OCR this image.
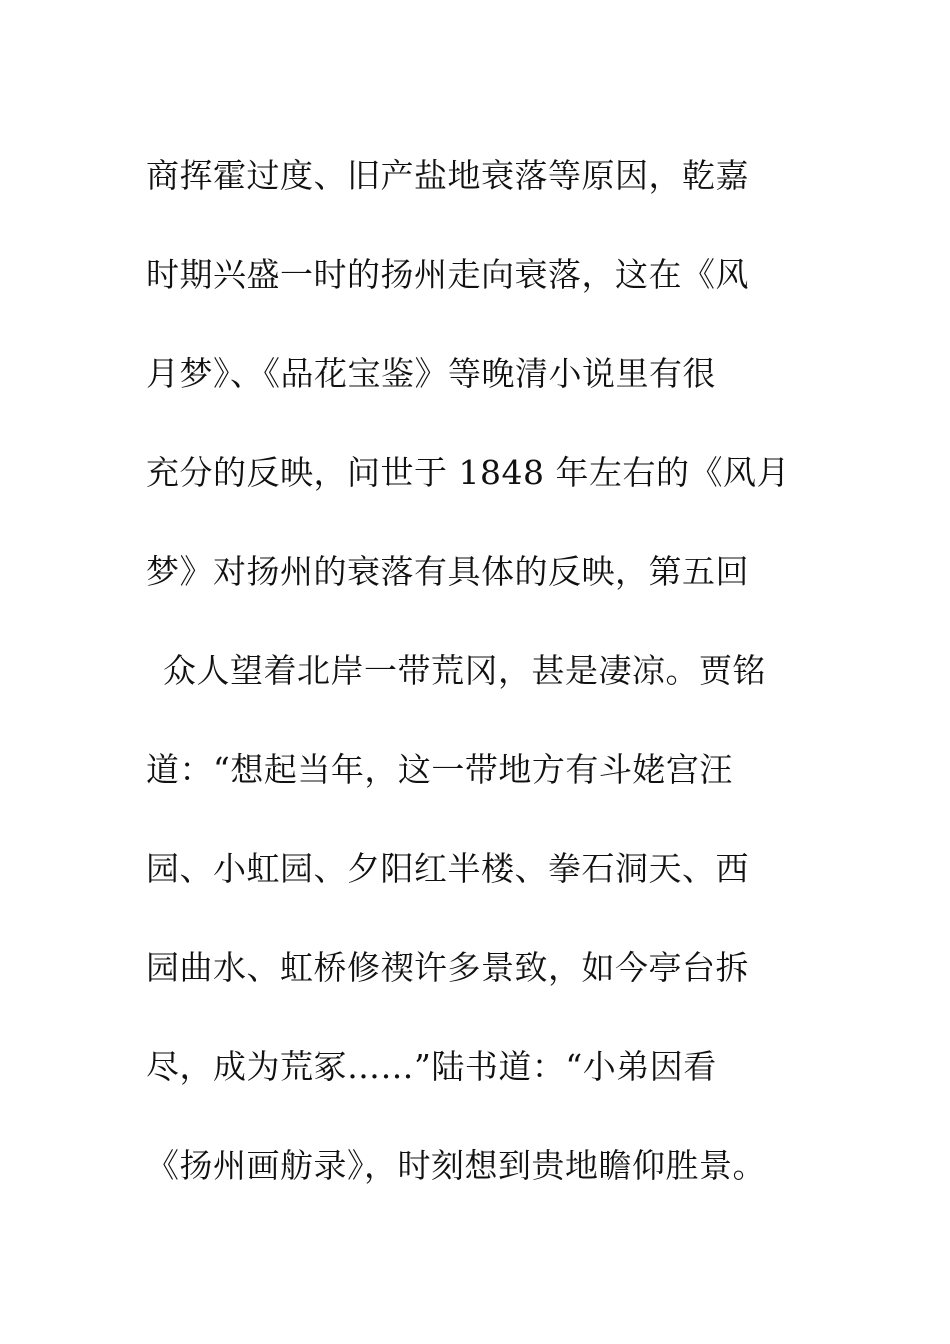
商挥霍过度、旧产盐地衰落等原因，乾嘉
时期兴盛一时的扬州走向衰落，这在《风
月梦》、《品花宝鉴》等晚清小说里有很
充分的反映，问世于 1848 年左右的《风月
梦》对扬州的衰落有具体的反映，第五回
众人望着北岸一带荒冈，甚是凄凉。贾铭
道：“想起当年，这一带地方有斗姥宫汪
园、小虹园、夕阳红半楼、拳石洞天、西
园曲水、虹桥修禊许多景致，如今亭台拆
尽，成为荒冢……”陆书道：“小弟因看
《扬州画舫录》，时刻想到贵地瞻仰胜景。
